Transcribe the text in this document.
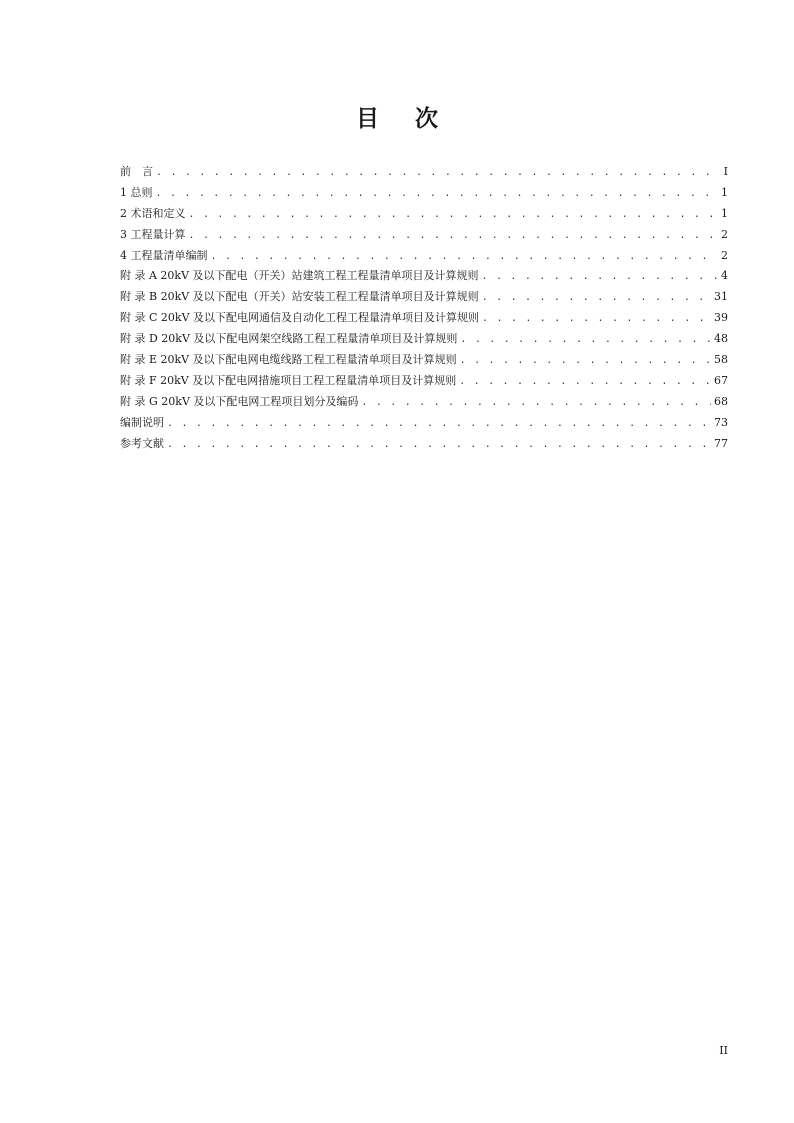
目 次
前　言 . . .	I
1 总则 . . .	1
2 术语和定义 . . .	1
3 工程量计算 . . .	2
4 工程量清单编制 . . .	2
附 录 A 20kV 及以下配电（开关）站建筑工程工程量清单项目及计算规则 . . .	4
附 录 B 20kV 及以下配电（开关）站安装工程工程量清单项目及计算规则 . . .	31
附 录 C 20kV 及以下配电网通信及自动化工程工程量清单项目及计算规则 . . .	39
附 录 D 20kV 及以下配电网架空线路工程工程量清单项目及计算规则 . . .	48
附 录 E 20kV 及以下配电网电缆线路工程工程量清单项目及计算规则 . . .	58
附 录 F 20kV 及以下配电网措施项目工程工程量清单项目及计算规则 . . .	67
附 录 G 20kV 及以下配电网工程项目划分及编码 . . .	68
编制说明 . . .	73
参考文献 . . .	77
II
